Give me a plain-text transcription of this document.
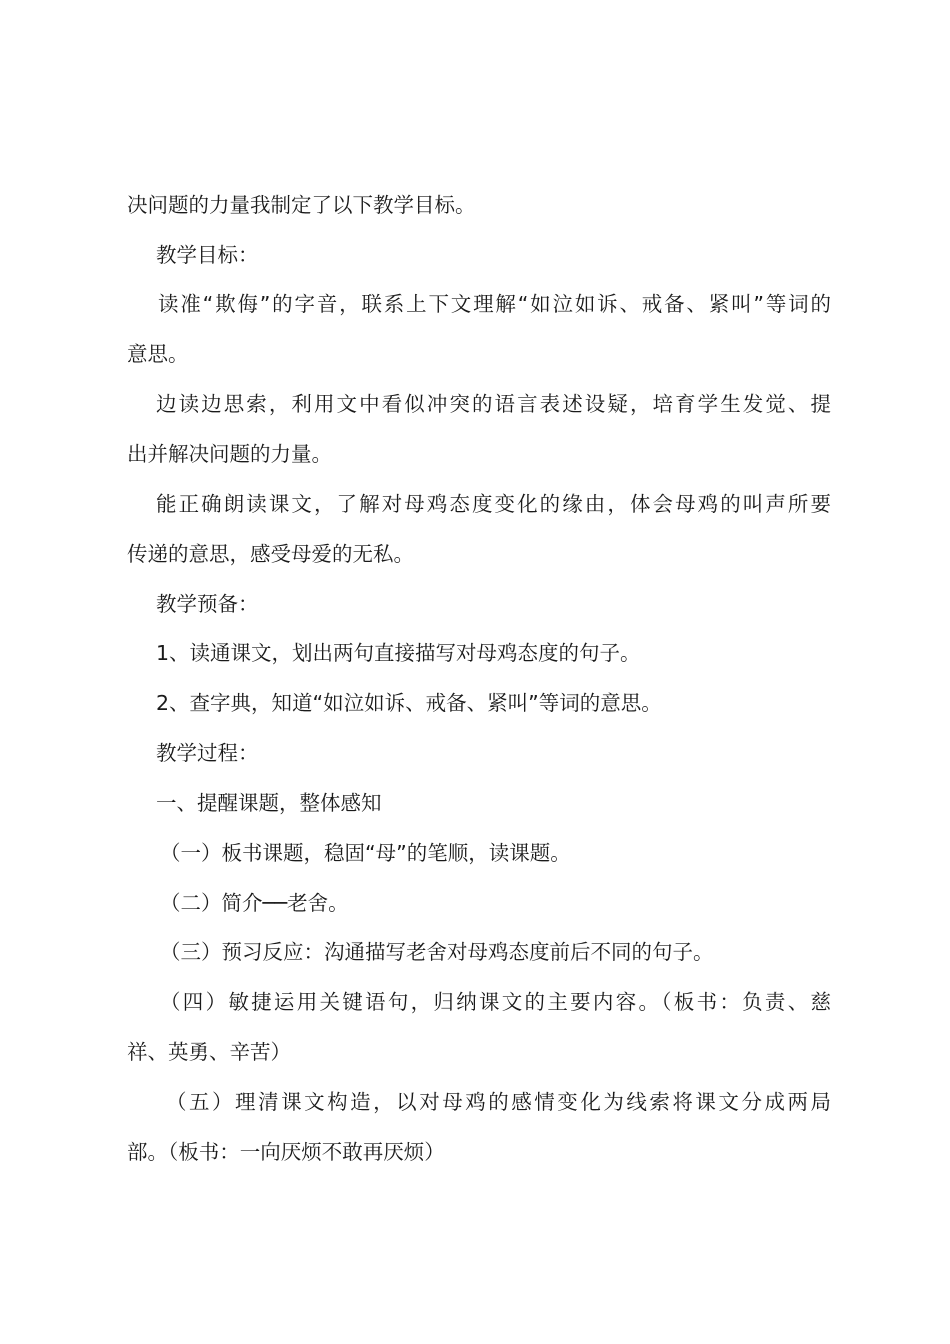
决问题的力量我制定了以下教学目标。
教学目标：
读准“欺侮”的字音，联系上下文理解“如泣如诉、戒备、紧叫”等词的
意思。
边读边思索，利用文中看似冲突的语言表述设疑，培育学生发觉、提
出并解决问题的力量。
能正确朗读课文，了解对母鸡态度变化的缘由，体会母鸡的叫声所要
传递的意思，感受母爱的无私。
教学预备：
1、读通课文，划出两句直接描写对母鸡态度的句子。
2、查字典，知道“如泣如诉、戒备、紧叫”等词的意思。
教学过程：
一、提醒课题，整体感知
（一）板书课题，稳固“母”的笔顺，读课题。
（二）简介──老舍。
（三）预习反应：沟通描写老舍对母鸡态度前后不同的句子。
（四）敏捷运用关键语句，归纳课文的主要内容。（板书：负责、慈
祥、英勇、辛苦）
（五）理清课文构造，以对母鸡的感情变化为线索将课文分成两局
部。（板书：一向厌烦不敢再厌烦）
